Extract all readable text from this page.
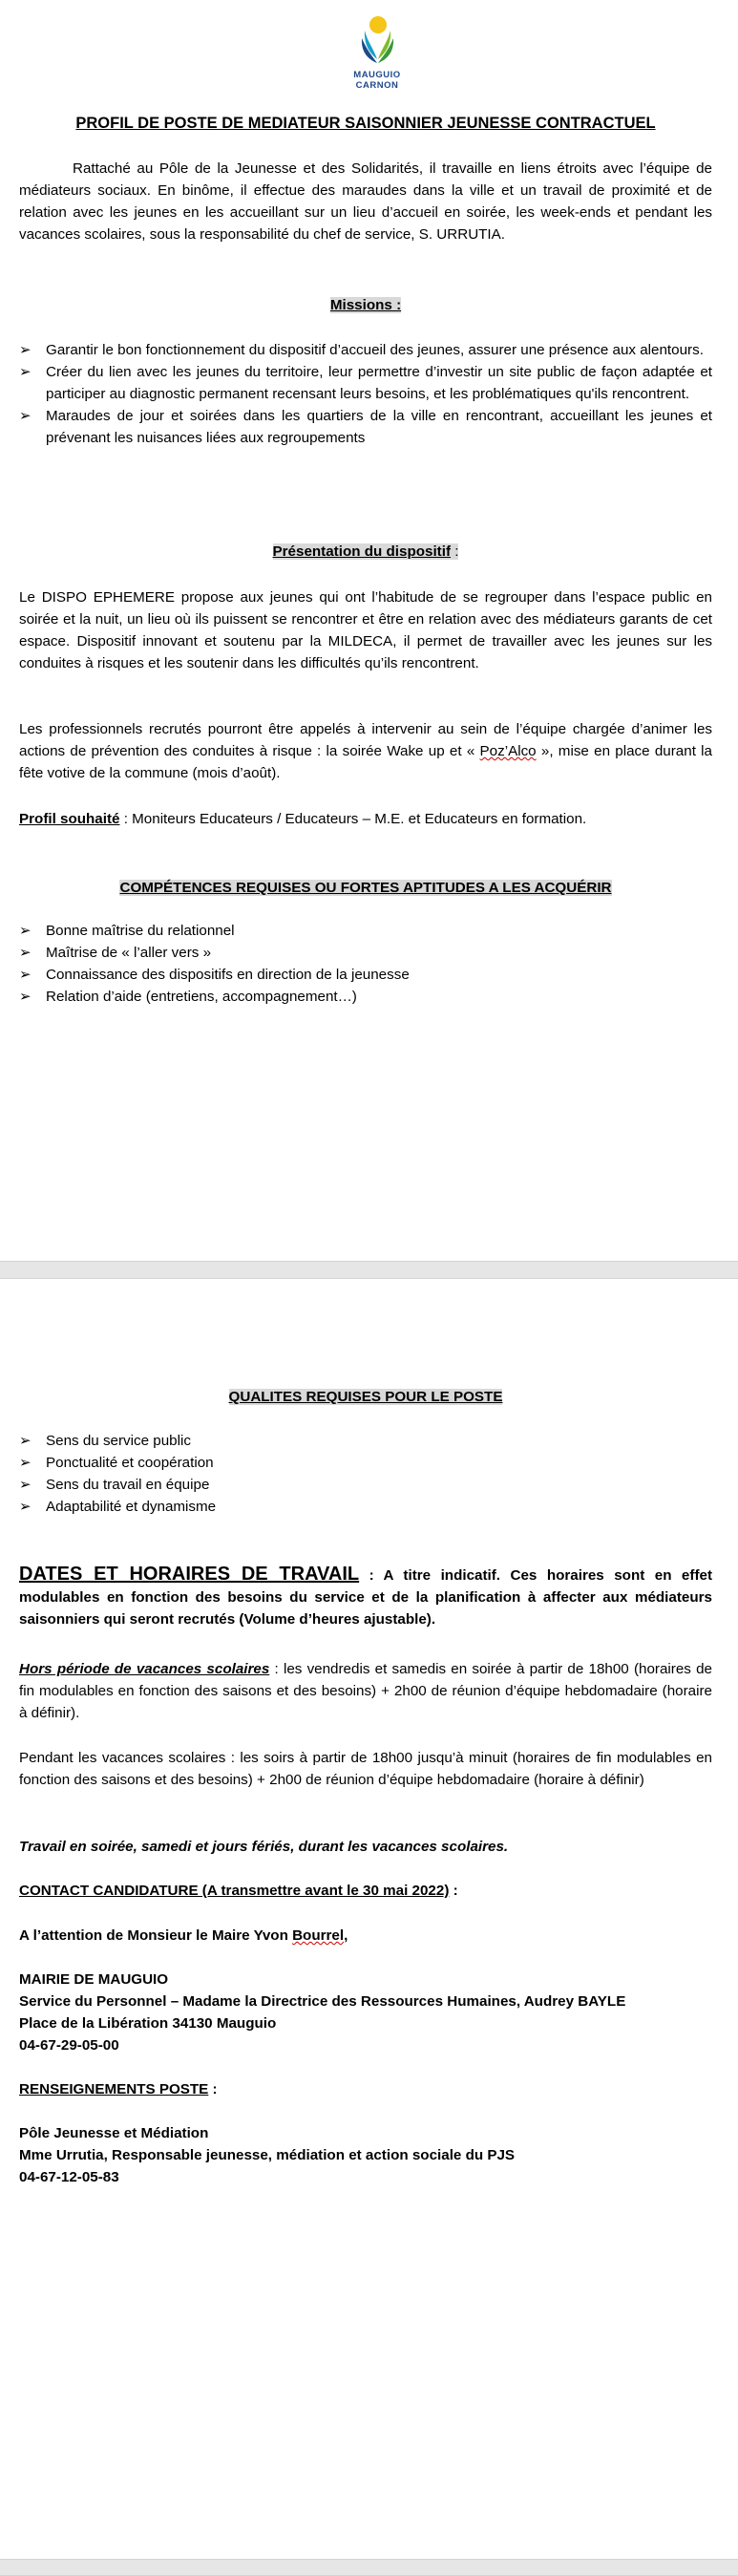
MAUGUIO
CARNON
PROFIL DE POSTE DE MEDIATEUR SAISONNIER JEUNESSE CONTRACTUEL
Rattaché au Pôle de la Jeunesse et des Solidarités, il travaille en liens étroits avec l’équipe de médiateurs sociaux. En binôme, il effectue des maraudes dans la ville et un travail de proximité et de relation avec les jeunes en les accueillant sur un lieu d’accueil en soirée, les week-ends et pendant les vacances scolaires, sous la responsabilité du chef de service, S. URRUTIA.
Missions :
➢ Garantir le bon fonctionnement du dispositif d’accueil des jeunes, assurer une présence aux alentours.
➢ Créer du lien avec les jeunes du territoire, leur permettre d’investir un site public de façon adaptée et participer au diagnostic permanent recensant leurs besoins, et les problématiques qu'ils rencontrent.
➢ Maraudes de jour et soirées dans les quartiers de la ville en rencontrant, accueillant les jeunes et prévenant les nuisances liées aux regroupements
Présentation du dispositif :
Le DISPO EPHEMERE propose aux jeunes qui ont l’habitude de se regrouper dans l’espace public en soirée et la nuit, un lieu où ils puissent se rencontrer et être en relation avec des médiateurs garants de cet espace. Dispositif innovant et soutenu par la MILDECA, il permet de travailler avec les jeunes sur les conduites à risques et les soutenir dans les difficultés qu’ils rencontrent.
Les professionnels recrutés pourront être appelés à intervenir au sein de l’équipe chargée d’animer les actions de prévention des conduites à risque : la soirée Wake up et « Poz’Alco », mise en place durant la fête votive de la commune (mois d’août).
Profil souhaité : Moniteurs Educateurs / Educateurs – M.E. et Educateurs en formation.
COMPÉTENCES REQUISES OU FORTES APTITUDES A LES ACQUÉRIR
➢ Bonne maîtrise du relationnel
➢ Maîtrise de « l’aller vers »
➢ Connaissance des dispositifs en direction de la jeunesse
➢ Relation d’aide (entretiens, accompagnement…)
QUALITES REQUISES POUR LE POSTE
➢ Sens du service public
➢ Ponctualité et coopération
➢ Sens du travail en équipe
➢ Adaptabilité et dynamisme
DATES ET HORAIRES DE TRAVAIL : A titre indicatif. Ces horaires sont en effet modulables en fonction des besoins du service et de la planification à affecter aux médiateurs saisonniers qui seront recrutés (Volume d’heures ajustable).
Hors période de vacances scolaires : les vendredis et samedis en soirée à partir de 18h00 (horaires de fin modulables en fonction des saisons et des besoins) + 2h00 de réunion d’équipe hebdomadaire (horaire à définir).
Pendant les vacances scolaires : les soirs à partir de 18h00 jusqu’à minuit (horaires de fin modulables en fonction des saisons et des besoins) + 2h00 de réunion d’équipe hebdomadaire (horaire à définir)
Travail en soirée, samedi et jours fériés, durant les vacances scolaires.
CONTACT CANDIDATURE (A transmettre avant le 30 mai 2022) :
A l’attention de Monsieur le Maire Yvon Bourrel,
MAIRIE DE MAUGUIO
Service du Personnel – Madame la Directrice des Ressources Humaines, Audrey BAYLE
Place de la Libération 34130 Mauguio
04-67-29-05-00
RENSEIGNEMENTS POSTE :
Pôle Jeunesse et Médiation
Mme Urrutia, Responsable jeunesse, médiation et action sociale du PJS
04-67-12-05-83
